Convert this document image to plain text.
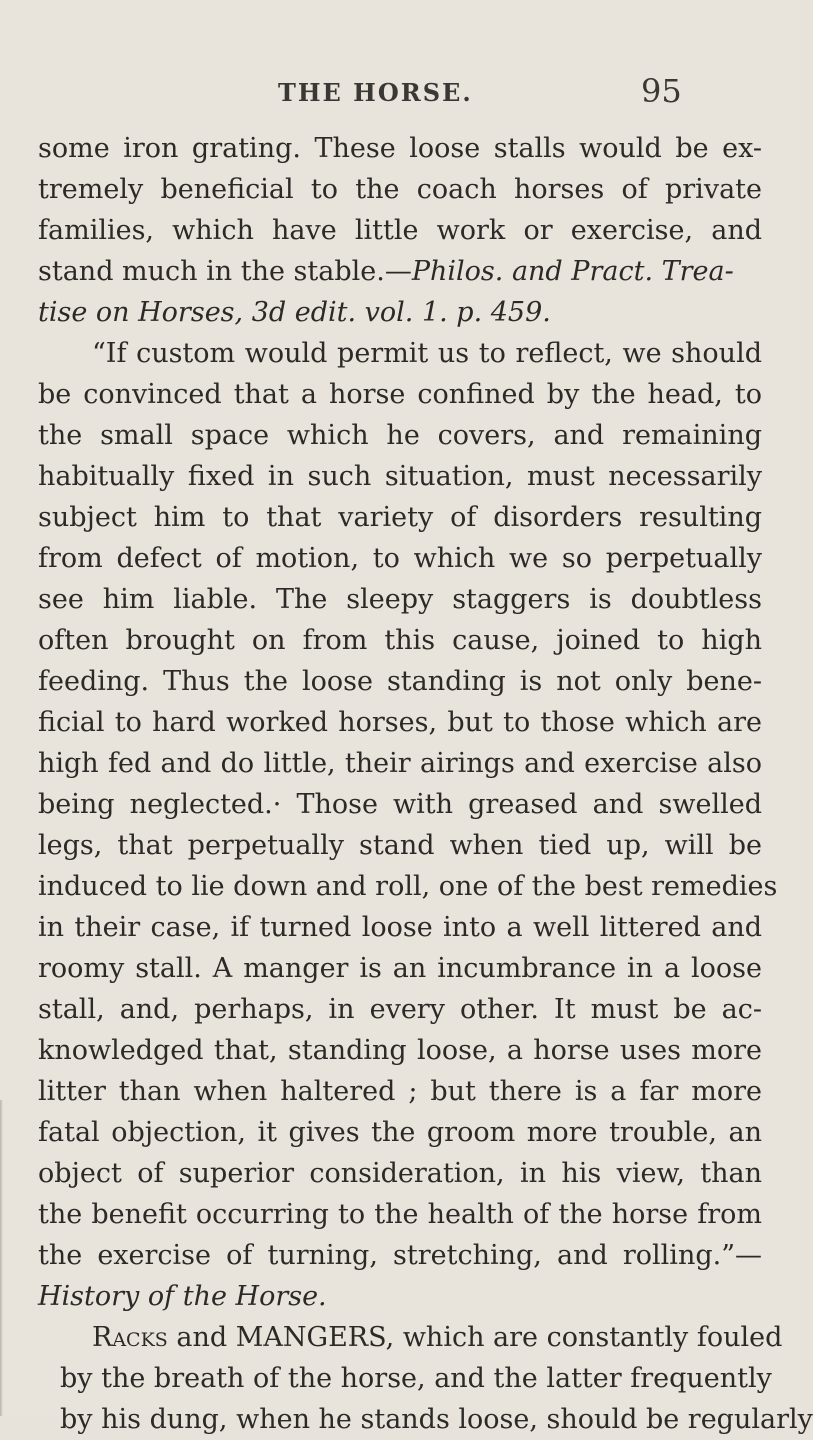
THE HORSE.	95
some iron grating. These loose stalls would be ex-
tremely beneficial to the coach horses of private
families, which have little work or exercise, and
stand much in the stable.—Philos. and Pract. Trea-
tise on Horses, 3d edit. vol. 1. p. 459.
“If custom would permit us to reflect, we should
be convinced that a horse confined by the head, to
the small space which he covers, and remaining
habitually fixed in such situation, must necessarily
subject him to that variety of disorders resulting
from defect of motion, to which we so perpetually
see him liable. The sleepy staggers is doubtless
often brought on from this cause, joined to high
feeding. Thus the loose standing is not only bene-
ficial to hard worked horses, but to those which are
high fed and do little, their airings and exercise also
being neglected.· Those with greased and swelled
legs, that perpetually stand when tied up, will be
induced to lie down and roll, one of the best remedies
in their case, if turned loose into a well littered and
roomy stall. A manger is an incumbrance in a loose
stall, and, perhaps, in every other. It must be ac-
knowledged that, standing loose, a horse uses more
litter than when haltered ; but there is a far more
fatal objection, it gives the groom more trouble, an
object of superior consideration, in his view, than
the benefit occurring to the health of the horse from
the exercise of turning, stretching, and rolling.”—
History of the Horse.
Racks and MANGERS, which are constantly fouled
by the breath of the horse, and the latter frequently
by his dung, when he stands loose, should be regularly
